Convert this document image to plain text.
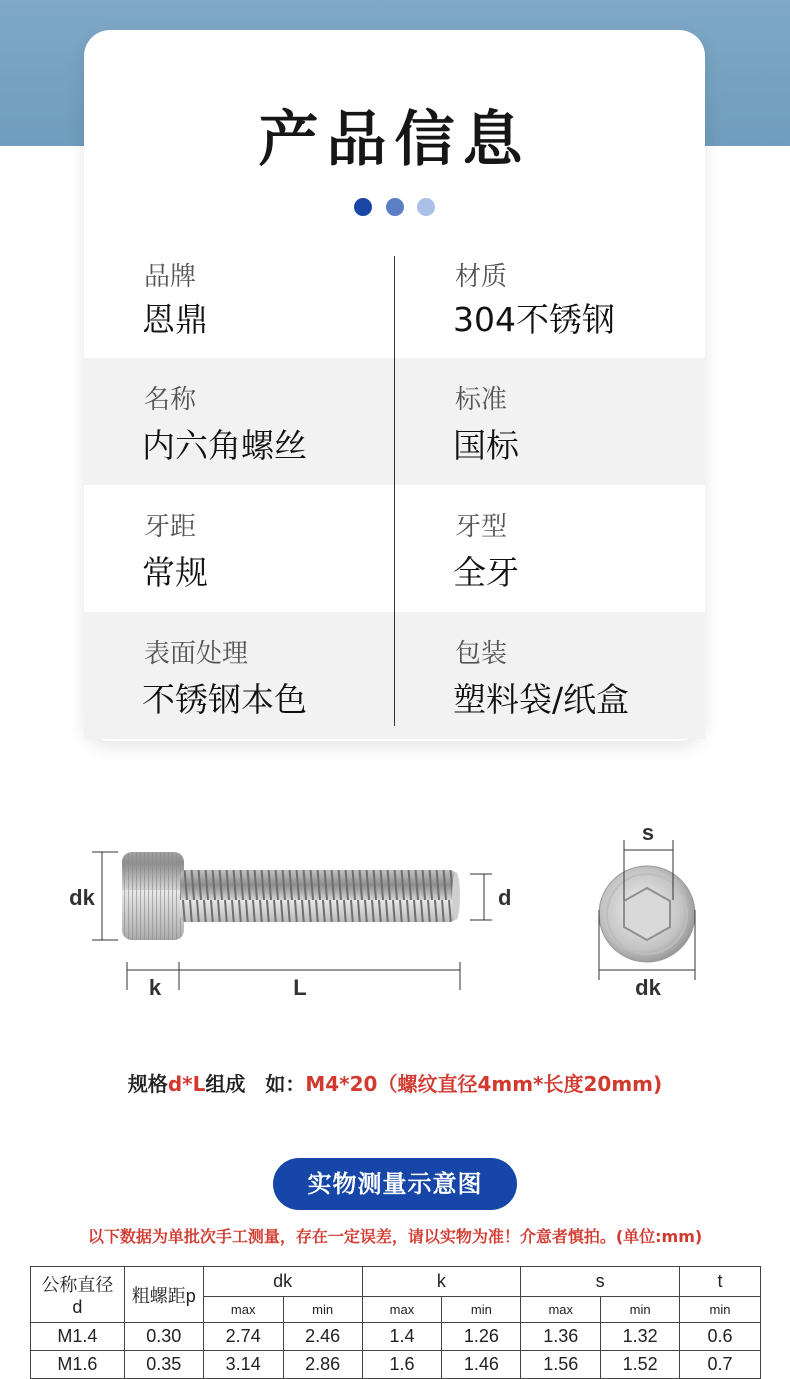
产品信息

品牌
恩鼎
材质
304不锈钢
名称
内六角螺丝
标准
国标
牙距
常规
牙型
全牙
表面处理
不锈钢本色
包装
塑料袋/纸盒
dk
k	L
d
s
dk
规格d*L组成　如：M4*20（螺纹直径4mm*长度20mm)
实物测量示意图
以下数据为单批次手工测量，存在一定误差，请以实物为准！介意者慎拍。(单位:mm)
公称直径
d	粗螺距p	dk		k		s		t
		max	min	max	min	max	min	min
M1.4	0.30	2.74	2.46	1.4	1.26	1.36	1.32	0.6
M1.6	0.35	3.14	2.86	1.6	1.46	1.56	1.52	0.7
